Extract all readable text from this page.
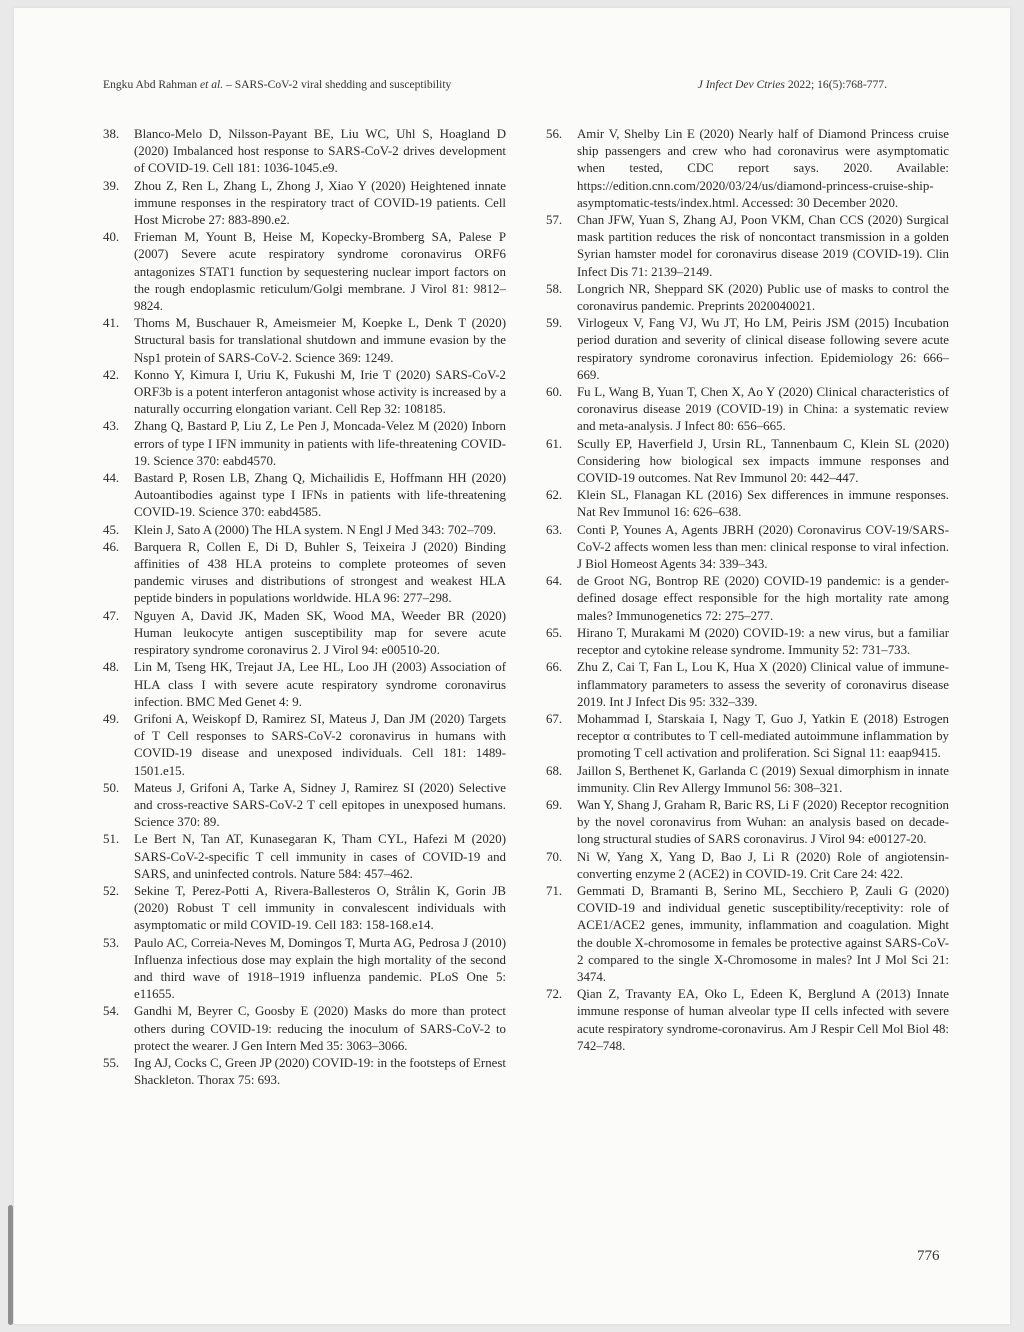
Engku Abd Rahman et al. – SARS-CoV-2 viral shedding and susceptibility	J Infect Dev Ctries 2022; 16(5):768-777.
38. Blanco-Melo D, Nilsson-Payant BE, Liu WC, Uhl S, Hoagland D (2020) Imbalanced host response to SARS-CoV-2 drives development of COVID-19. Cell 181: 1036-1045.e9.
39. Zhou Z, Ren L, Zhang L, Zhong J, Xiao Y (2020) Heightened innate immune responses in the respiratory tract of COVID-19 patients. Cell Host Microbe 27: 883-890.e2.
40. Frieman M, Yount B, Heise M, Kopecky-Bromberg SA, Palese P (2007) Severe acute respiratory syndrome coronavirus ORF6 antagonizes STAT1 function by sequestering nuclear import factors on the rough endoplasmic reticulum/Golgi membrane. J Virol 81: 9812–9824.
41. Thoms M, Buschauer R, Ameismeier M, Koepke L, Denk T (2020) Structural basis for translational shutdown and immune evasion by the Nsp1 protein of SARS-CoV-2. Science 369: 1249.
42. Konno Y, Kimura I, Uriu K, Fukushi M, Irie T (2020) SARS-CoV-2 ORF3b is a potent interferon antagonist whose activity is increased by a naturally occurring elongation variant. Cell Rep 32: 108185.
43. Zhang Q, Bastard P, Liu Z, Le Pen J, Moncada-Velez M (2020) Inborn errors of type I IFN immunity in patients with life-threatening COVID-19. Science 370: eabd4570.
44. Bastard P, Rosen LB, Zhang Q, Michailidis E, Hoffmann HH (2020) Autoantibodies against type I IFNs in patients with life-threatening COVID-19. Science 370: eabd4585.
45. Klein J, Sato A (2000) The HLA system. N Engl J Med 343: 702–709.
46. Barquera R, Collen E, Di D, Buhler S, Teixeira J (2020) Binding affinities of 438 HLA proteins to complete proteomes of seven pandemic viruses and distributions of strongest and weakest HLA peptide binders in populations worldwide. HLA 96: 277–298.
47. Nguyen A, David JK, Maden SK, Wood MA, Weeder BR (2020) Human leukocyte antigen susceptibility map for severe acute respiratory syndrome coronavirus 2. J Virol 94: e00510-20.
48. Lin M, Tseng HK, Trejaut JA, Lee HL, Loo JH (2003) Association of HLA class I with severe acute respiratory syndrome coronavirus infection. BMC Med Genet 4: 9.
49. Grifoni A, Weiskopf D, Ramirez SI, Mateus J, Dan JM (2020) Targets of T Cell responses to SARS-CoV-2 coronavirus in humans with COVID-19 disease and unexposed individuals. Cell 181: 1489-1501.e15.
50. Mateus J, Grifoni A, Tarke A, Sidney J, Ramirez SI (2020) Selective and cross-reactive SARS-CoV-2 T cell epitopes in unexposed humans. Science 370: 89.
51. Le Bert N, Tan AT, Kunasegaran K, Tham CYL, Hafezi M (2020) SARS-CoV-2-specific T cell immunity in cases of COVID-19 and SARS, and uninfected controls. Nature 584: 457–462.
52. Sekine T, Perez-Potti A, Rivera-Ballesteros O, Strålin K, Gorin JB (2020) Robust T cell immunity in convalescent individuals with asymptomatic or mild COVID-19. Cell 183: 158-168.e14.
53. Paulo AC, Correia-Neves M, Domingos T, Murta AG, Pedrosa J (2010) Influenza infectious dose may explain the high mortality of the second and third wave of 1918–1919 influenza pandemic. PLoS One 5: e11655.
54. Gandhi M, Beyrer C, Goosby E (2020) Masks do more than protect others during COVID-19: reducing the inoculum of SARS-CoV-2 to protect the wearer. J Gen Intern Med 35: 3063–3066.
55. Ing AJ, Cocks C, Green JP (2020) COVID-19: in the footsteps of Ernest Shackleton. Thorax 75: 693.
56. Amir V, Shelby Lin E (2020) Nearly half of Diamond Princess cruise ship passengers and crew who had coronavirus were asymptomatic when tested, CDC report says. 2020. Available: https://edition.cnn.com/2020/03/24/us/diamond-princess-cruise-ship-asymptomatic-tests/index.html. Accessed: 30 December 2020.
57. Chan JFW, Yuan S, Zhang AJ, Poon VKM, Chan CCS (2020) Surgical mask partition reduces the risk of noncontact transmission in a golden Syrian hamster model for coronavirus disease 2019 (COVID-19). Clin Infect Dis 71: 2139–2149.
58. Longrich NR, Sheppard SK (2020) Public use of masks to control the coronavirus pandemic. Preprints 2020040021.
59. Virlogeux V, Fang VJ, Wu JT, Ho LM, Peiris JSM (2015) Incubation period duration and severity of clinical disease following severe acute respiratory syndrome coronavirus infection. Epidemiology 26: 666–669.
60. Fu L, Wang B, Yuan T, Chen X, Ao Y (2020) Clinical characteristics of coronavirus disease 2019 (COVID-19) in China: a systematic review and meta-analysis. J Infect 80: 656–665.
61. Scully EP, Haverfield J, Ursin RL, Tannenbaum C, Klein SL (2020) Considering how biological sex impacts immune responses and COVID-19 outcomes. Nat Rev Immunol 20: 442–447.
62. Klein SL, Flanagan KL (2016) Sex differences in immune responses. Nat Rev Immunol 16: 626–638.
63. Conti P, Younes A, Agents JBRH (2020) Coronavirus COV-19/SARS-CoV-2 affects women less than men: clinical response to viral infection. J Biol Homeost Agents 34: 339–343.
64. de Groot NG, Bontrop RE (2020) COVID-19 pandemic: is a gender-defined dosage effect responsible for the high mortality rate among males? Immunogenetics 72: 275–277.
65. Hirano T, Murakami M (2020) COVID-19: a new virus, but a familiar receptor and cytokine release syndrome. Immunity 52: 731–733.
66. Zhu Z, Cai T, Fan L, Lou K, Hua X (2020) Clinical value of immune-inflammatory parameters to assess the severity of coronavirus disease 2019. Int J Infect Dis 95: 332–339.
67. Mohammad I, Starskaia I, Nagy T, Guo J, Yatkin E (2018) Estrogen receptor α contributes to T cell-mediated autoimmune inflammation by promoting T cell activation and proliferation. Sci Signal 11: eaap9415.
68. Jaillon S, Berthenet K, Garlanda C (2019) Sexual dimorphism in innate immunity. Clin Rev Allergy Immunol 56: 308–321.
69. Wan Y, Shang J, Graham R, Baric RS, Li F (2020) Receptor recognition by the novel coronavirus from Wuhan: an analysis based on decade-long structural studies of SARS coronavirus. J Virol 94: e00127-20.
70. Ni W, Yang X, Yang D, Bao J, Li R (2020) Role of angiotensin-converting enzyme 2 (ACE2) in COVID-19. Crit Care 24: 422.
71. Gemmati D, Bramanti B, Serino ML, Secchiero P, Zauli G (2020) COVID-19 and individual genetic susceptibility/receptivity: role of ACE1/ACE2 genes, immunity, inflammation and coagulation. Might the double X-chromosome in females be protective against SARS-CoV-2 compared to the single X-Chromosome in males? Int J Mol Sci 21: 3474.
72. Qian Z, Travanty EA, Oko L, Edeen K, Berglund A (2013) Innate immune response of human alveolar type II cells infected with severe acute respiratory syndrome-coronavirus. Am J Respir Cell Mol Biol 48: 742–748.
776
